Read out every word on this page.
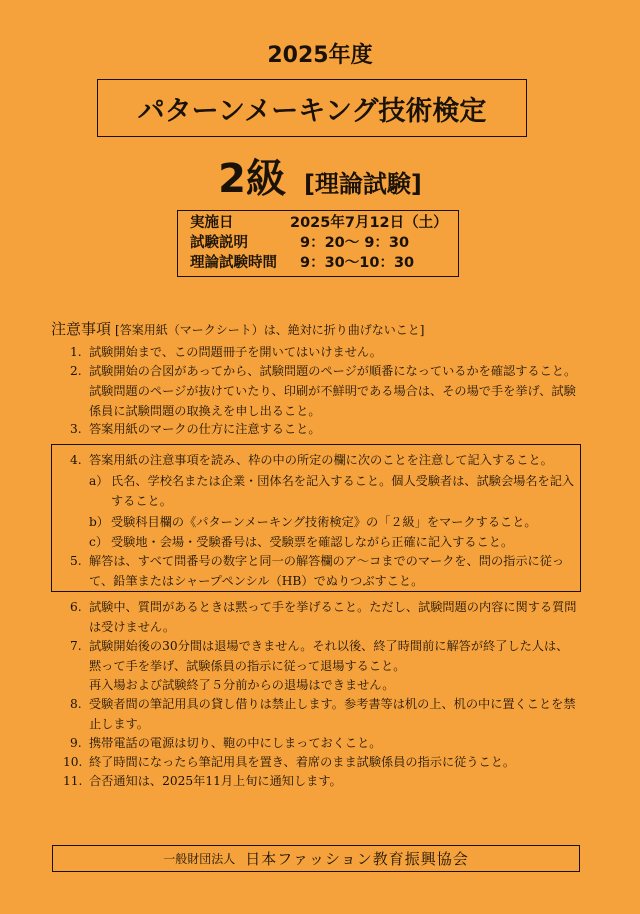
2025年度
パターンメーキング技術検定
2級 [理論試験]
実施日	2025年7月12日（土）
試験説明	9：20〜 9：30
理論試験時間	9：30〜10：30
注意事項 [答案用紙（マークシート）は、絶対に折り曲げないこと]
1. 試験開始まで、この問題冊子を開いてはいけません。
2. 試験開始の合図があってから、試験問題のページが順番になっているかを確認すること。試験問題のページが抜けていたり、印刷が不鮮明である場合は、その場で手を挙げ、試験係員に試験問題の取換えを申し出ること。
3. 答案用紙のマークの仕方に注意すること。
4. 答案用紙の注意事項を読み、枠の中の所定の欄に次のことを注意して記入すること。
a） 氏名、学校名または企業・団体名を記入すること。個人受験者は、試験会場名を記入すること。
b） 受験科目欄の《パターンメーキング技術検定》の「２級」をマークすること。
c） 受験地・会場・受験番号は、受験票を確認しながら正確に記入すること。
5. 解答は、すべて問番号の数字と同一の解答欄のア〜コまでのマークを、問の指示に従って、鉛筆またはシャープペンシル（HB）でぬりつぶすこと。
6. 試験中、質問があるときは黙って手を挙げること。ただし、試験問題の内容に関する質問は受けません。
7. 試験開始後の30分間は退場できません。それ以後、終了時間前に解答が終了した人は、黙って手を挙げ、試験係員の指示に従って退場すること。
再入場および試験終了５分前からの退場はできません。
8. 受験者間の筆記用具の貸し借りは禁止します。参考書等は机の上、机の中に置くことを禁止します。
9. 携帯電話の電源は切り、鞄の中にしまっておくこと。
10. 終了時間になったら筆記用具を置き、着席のまま試験係員の指示に従うこと。
11. 合否通知は、2025年11月上旬に通知します。
一般財団法人 日本ファッション教育振興協会
